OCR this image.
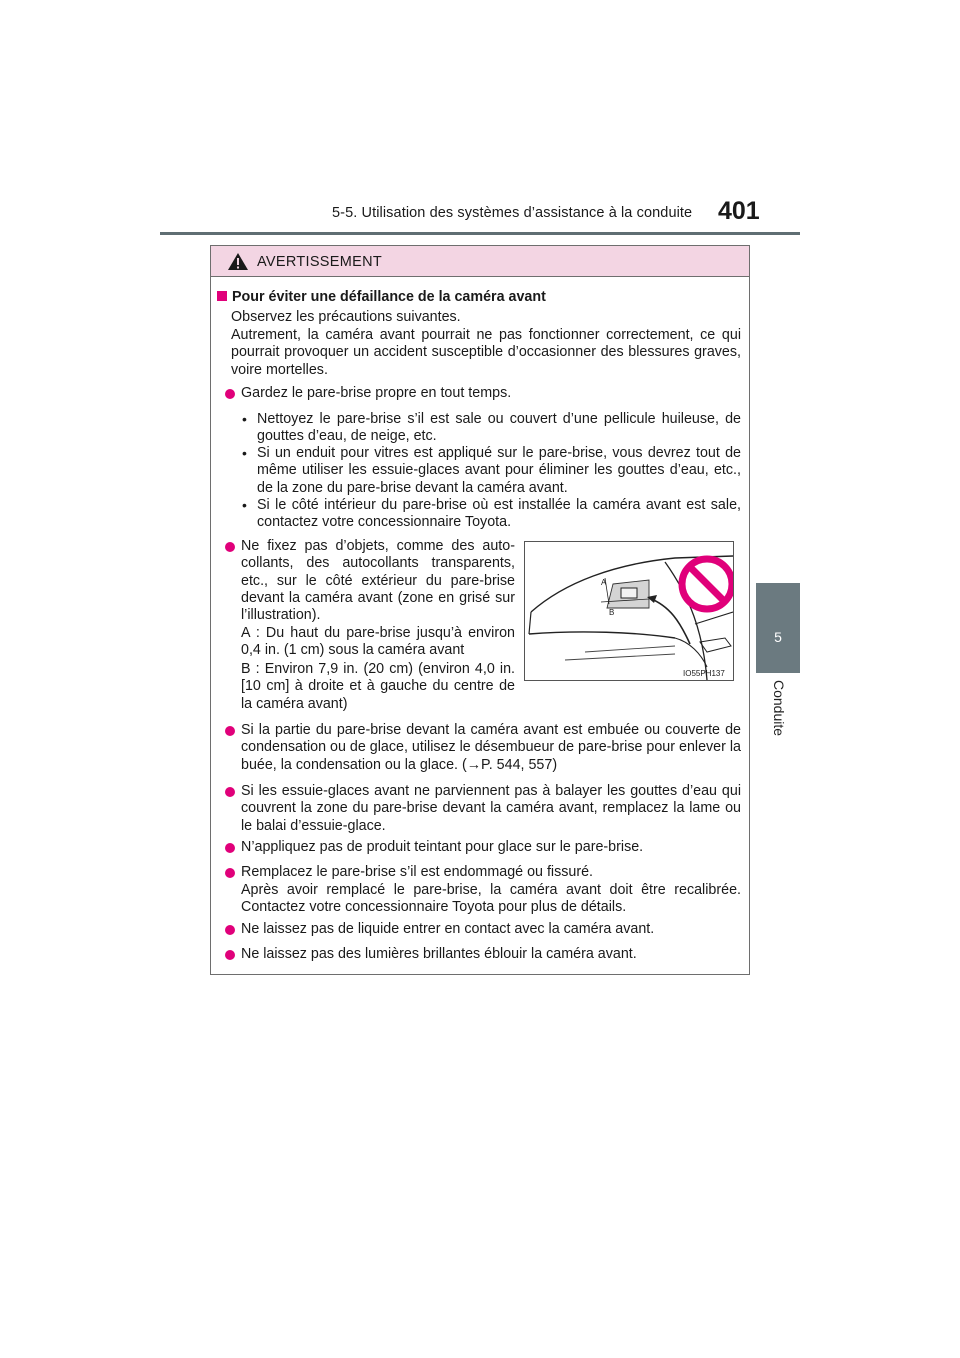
5-5. Utilisation des systèmes d’assistance à la conduite 401
5
Conduite
AVERTISSEMENT
Pour éviter une défaillance de la caméra avant
Observez les précautions suivantes.
Autrement, la caméra avant pourrait ne pas fonctionner correctement, ce qui pourrait provoquer un accident susceptible d’occasionner des blessures graves, voire mortelles.
Gardez le pare-brise propre en tout temps.
• Nettoyez le pare-brise s’il est sale ou couvert d’une pellicule huileuse, de gouttes d’eau, de neige, etc.
• Si un enduit pour vitres est appliqué sur le pare-brise, vous devrez tout de même utiliser les essuie-glaces avant pour éliminer les gouttes d’eau, etc., de la zone du pare-brise devant la caméra avant.
• Si le côté intérieur du pare-brise où est installée la caméra avant est sale, contactez votre concessionnaire Toyota.
Ne fixez pas d’objets, comme des autocollants, des autocollants transparents, etc., sur le côté extérieur du pare-brise devant la caméra avant (zone en grisé sur l’illustration).
A : Du haut du pare-brise jusqu’à environ 0,4 in. (1 cm) sous la caméra avant
B : Environ 7,9 in. (20 cm) (environ 4,0 in. [10 cm] à droite et à gauche du centre de la caméra avant)
Si la partie du pare-brise devant la caméra avant est embuée ou couverte de condensation ou de glace, utilisez le désembueur de pare-brise pour enlever la buée, la condensation ou la glace. (→P. 544, 557)
Si les essuie-glaces avant ne parviennent pas à balayer les gouttes d’eau qui couvrent la zone du pare-brise devant la caméra avant, remplacez la lame ou le balai d’essuie-glace.
N’appliquez pas de produit teintant pour glace sur le pare-brise.
Remplacez le pare-brise s’il est endommagé ou fissuré.
Après avoir remplacé le pare-brise, la caméra avant doit être recalibrée. Contactez votre concessionnaire Toyota pour plus de détails.
Ne laissez pas de liquide entrer en contact avec la caméra avant.
Ne laissez pas des lumières brillantes éblouir la caméra avant.
A
B
IO55PH137
